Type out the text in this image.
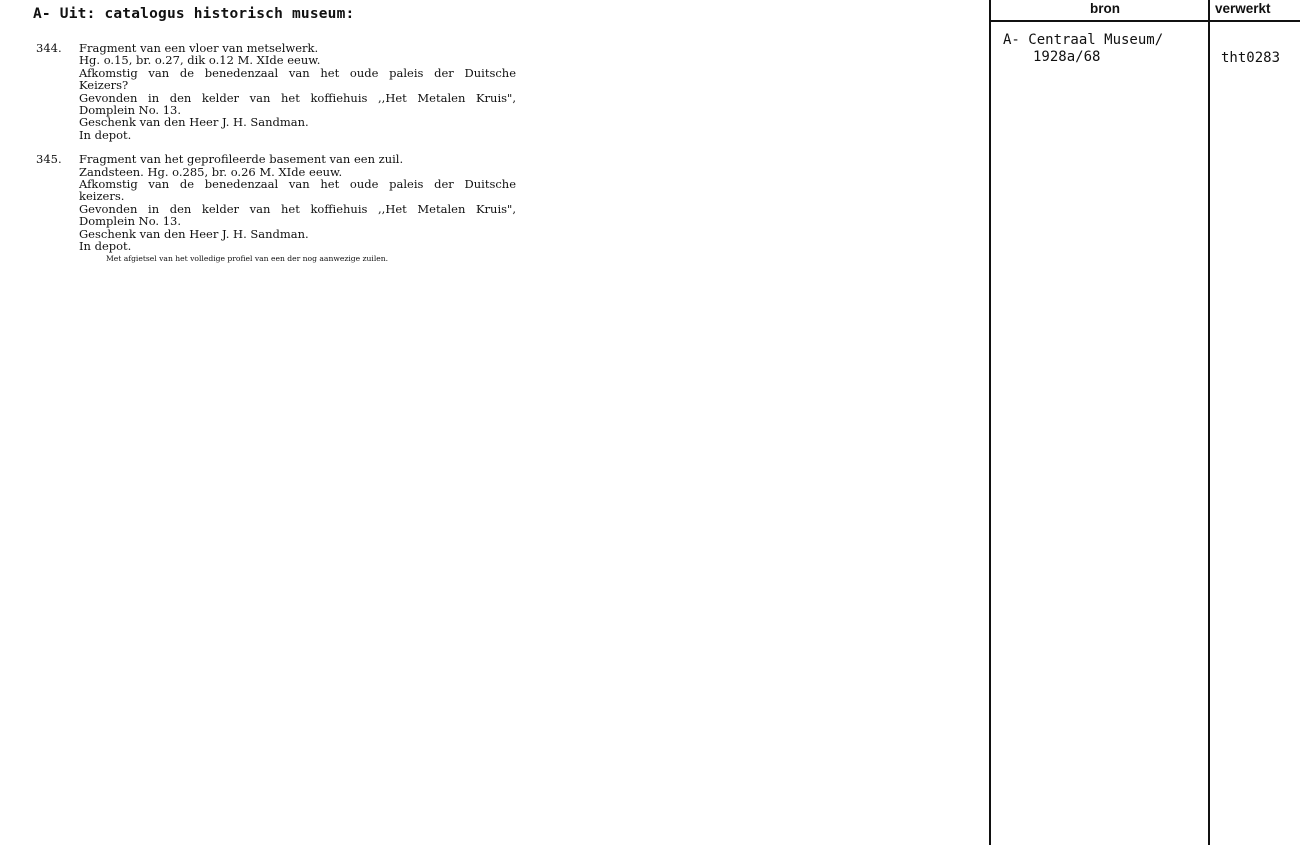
A- Uit: catalogus historisch museum:
344. Fragment van een vloer van metselwerk.
Hg. o.15, br. o.27, dik o.12 M. XIde eeuw.
Afkomstig van de benedenzaal van het oude paleis der Duitsche
Keizers?
Gevonden in den kelder van het koffiehuis ,,Het Metalen Kruis",
Domplein No. 13.
Geschenk van den Heer J. H. Sandman.
In depot.
345. Fragment van het geprofileerde basement van een zuil.
Zandsteen. Hg. o.285, br. o.26 M. XIde eeuw.
Afkomstig van de benedenzaal van het oude paleis der Duitsche
keizers.
Gevonden in den kelder van het koffiehuis ,,Het Metalen Kruis",
Domplein No. 13.
Geschenk van den Heer J. H. Sandman.
In depot.
Met afgietsel van het volledige profiel van een der nog aanwezige zuilen.
bron	verwerkt
A- Centraal Museum/
1928a/68	tht0283
